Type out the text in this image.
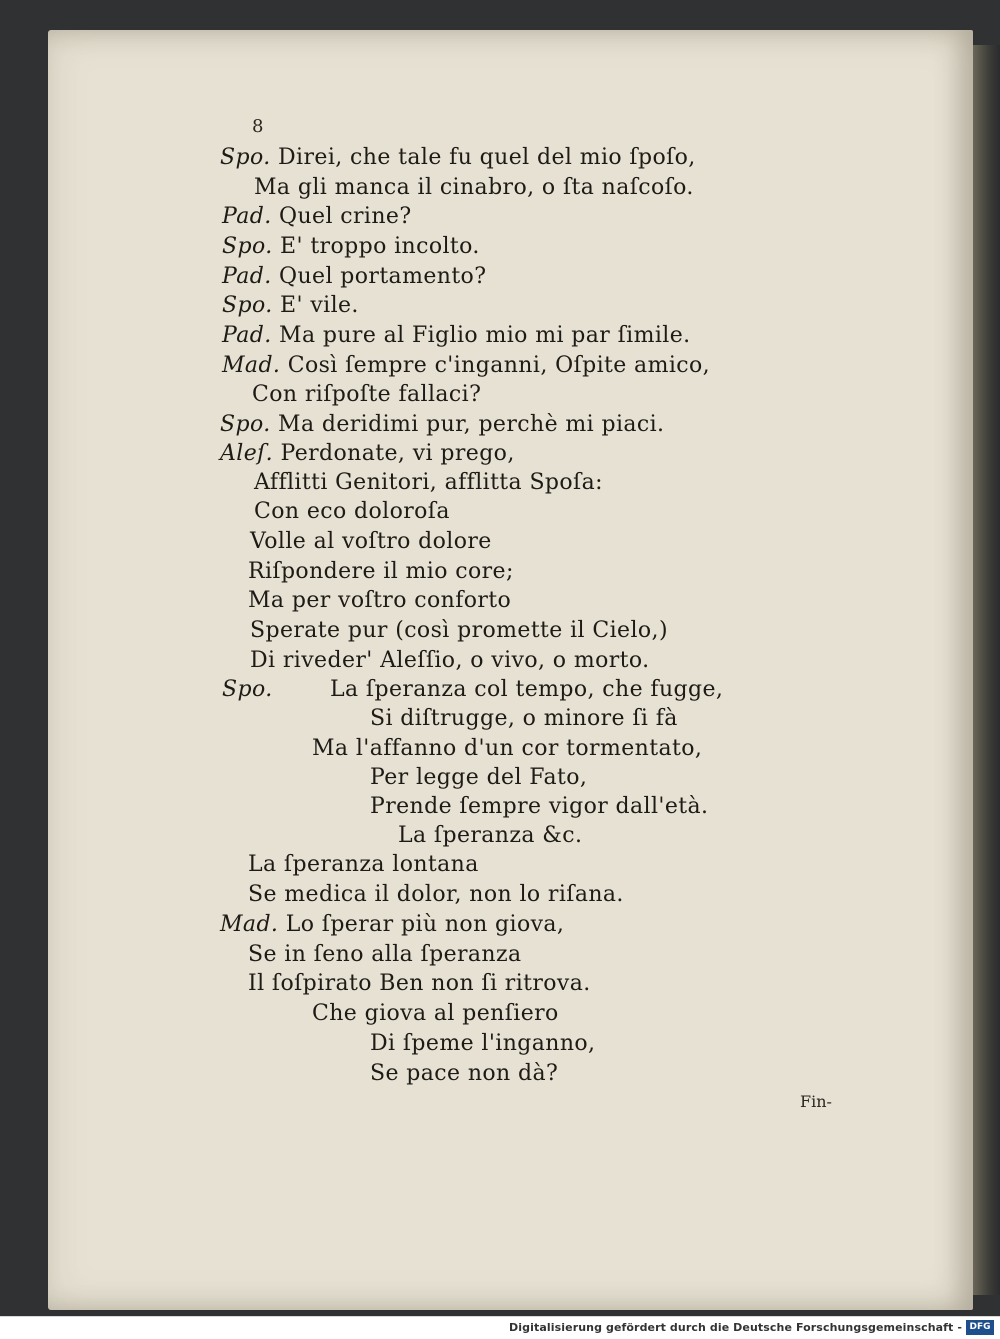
8
Spo. Direi, che tale fu quel del mio ſpoſo,
Ma gli manca il cinabro, o ſta naſcoſo.
Pad. Quel crine?
Spo. E' troppo incolto.
Pad. Quel portamento?
Spo. E' vile.
Pad. Ma pure al Figlio mio mi par ſimile.
Mad. Così ſempre c'inganni, Oſpite amico,
Con riſpoſte fallaci?
Spo. Ma deridimi pur, perchè mi piaci.
Aleſ. Perdonate, vi prego,
Afflitti Genitori, afflitta Spoſa:
Con eco doloroſa
Volle al voſtro dolore
Riſpondere il mio core;
Ma per voſtro conforto
Sperate pur (così promette il Cielo,)
Di riveder' Aleſſio, o vivo, o morto.
Spo.	La ſperanza col tempo, che fugge,
Si diſtrugge, o minore ſi fà
Ma l'affanno d'un cor tormentato,
Per legge del Fato,
Prende ſempre vigor dall'età.
La ſperanza &c.
La ſperanza lontana
Se medica il dolor, non lo riſana.
Mad. Lo ſperar più non giova,
Se in ſeno alla ſperanza
Il ſoſpirato Ben non ſi ritrova.
Che giova al penſiero
Di ſpeme l'inganno,
Se pace non dà?
Fin-
Digitalisierung gefördert durch die Deutsche Forschungsgemeinschaft - DFG
